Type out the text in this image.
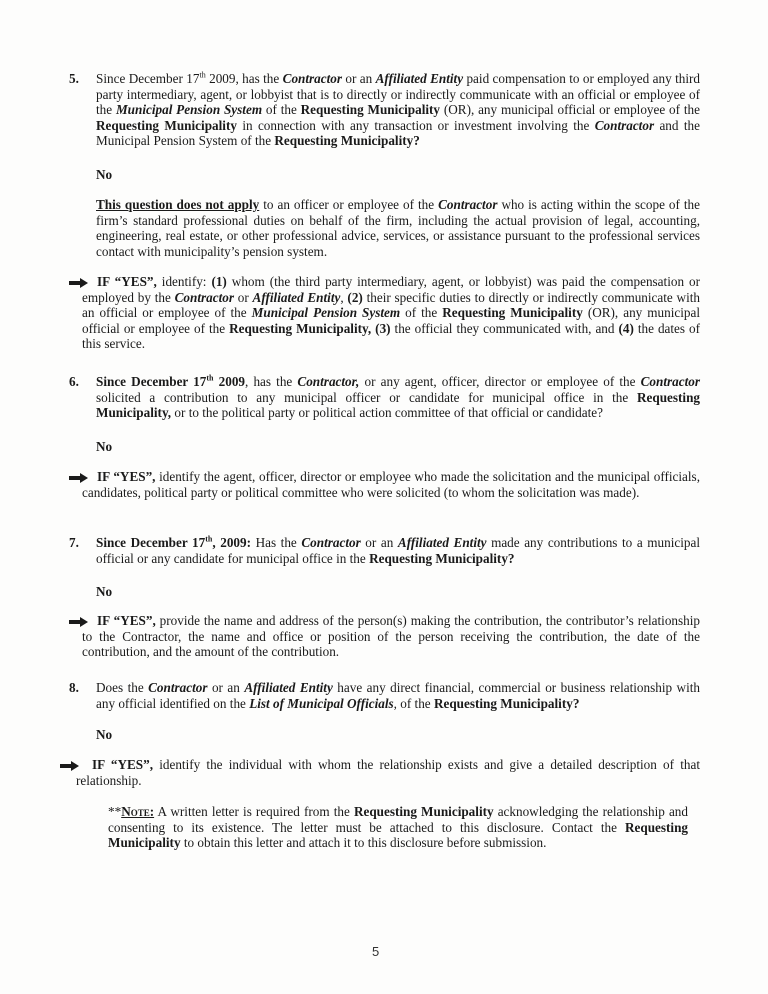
5. Since December 17th 2009, has the Contractor or an Affiliated Entity paid compensation to or employed any third party intermediary, agent, or lobbyist that is to directly or indirectly communicate with an official or employee of the Municipal Pension System of the Requesting Municipality (OR), any municipal official or employee of the Requesting Municipality in connection with any transaction or investment involving the Contractor and the Municipal Pension System of the Requesting Municipality?
No
This question does not apply to an officer or employee of the Contractor who is acting within the scope of the firm’s standard professional duties on behalf of the firm, including the actual provision of legal, accounting, engineering, real estate, or other professional advice, services, or assistance pursuant to the professional services contact with municipality’s pension system.
IF “YES”, identify: (1) whom (the third party intermediary, agent, or lobbyist) was paid the compensation or employed by the Contractor or Affiliated Entity, (2) their specific duties to directly or indirectly communicate with an official or employee of the Municipal Pension System of the Requesting Municipality (OR), any municipal official or employee of the Requesting Municipality, (3) the official they communicated with, and (4) the dates of this service.
6. Since December 17th 2009, has the Contractor, or any agent, officer, director or employee of the Contractor solicited a contribution to any municipal officer or candidate for municipal office in the Requesting Municipality, or to the political party or political action committee of that official or candidate?
No
IF “YES”, identify the agent, officer, director or employee who made the solicitation and the municipal officials, candidates, political party or political committee who were solicited (to whom the solicitation was made).
7. Since December 17th, 2009: Has the Contractor or an Affiliated Entity made any contributions to a municipal official or any candidate for municipal office in the Requesting Municipality?
No
IF “YES”, provide the name and address of the person(s) making the contribution, the contributor’s relationship to the Contractor, the name and office or position of the person receiving the contribution, the date of the contribution, and the amount of the contribution.
8. Does the Contractor or an Affiliated Entity have any direct financial, commercial or business relationship with any official identified on the List of Municipal Officials, of the Requesting Municipality?
No
IF “YES”, identify the individual with whom the relationship exists and give a detailed description of that relationship.
**Note: A written letter is required from the Requesting Municipality acknowledging the relationship and consenting to its existence. The letter must be attached to this disclosure. Contact the Requesting Municipality to obtain this letter and attach it to this disclosure before submission.
5
